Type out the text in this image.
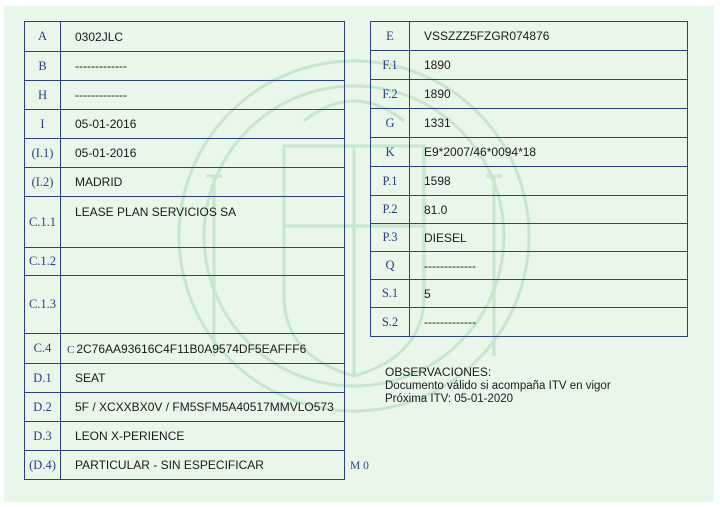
A	0302JLC
B	-------------
H	-------------
I	05-01-2016
(I.1)	05-01-2016
(I.2)	MADRID
C.1.1	LEASE PLAN SERVICIOS SA
C.1.2	
C.1.3	
C.4	C 2C76AA93616C4F11B0A9574DF5EAFFF6
D.1	SEAT
D.2	5F / XCXXBX0V / FM5SFM5A40517MMVLO573
D.3	LEON X-PERIENCE
(D.4)	PARTICULAR - SIN ESPECIFICAR
E	VSSZZZ5FZGR074876
F.1	1890
F.2	1890
G	1331
K	E9*2007/46*0094*18
P.1	1598
P.2	81.0
P.3	DIESEL
Q	-------------
S.1	5
S.2	-------------
OBSERVACIONES:
Documento válido si acompaña ITV en vigor
Próxima ITV: 05-01-2020
M 0
